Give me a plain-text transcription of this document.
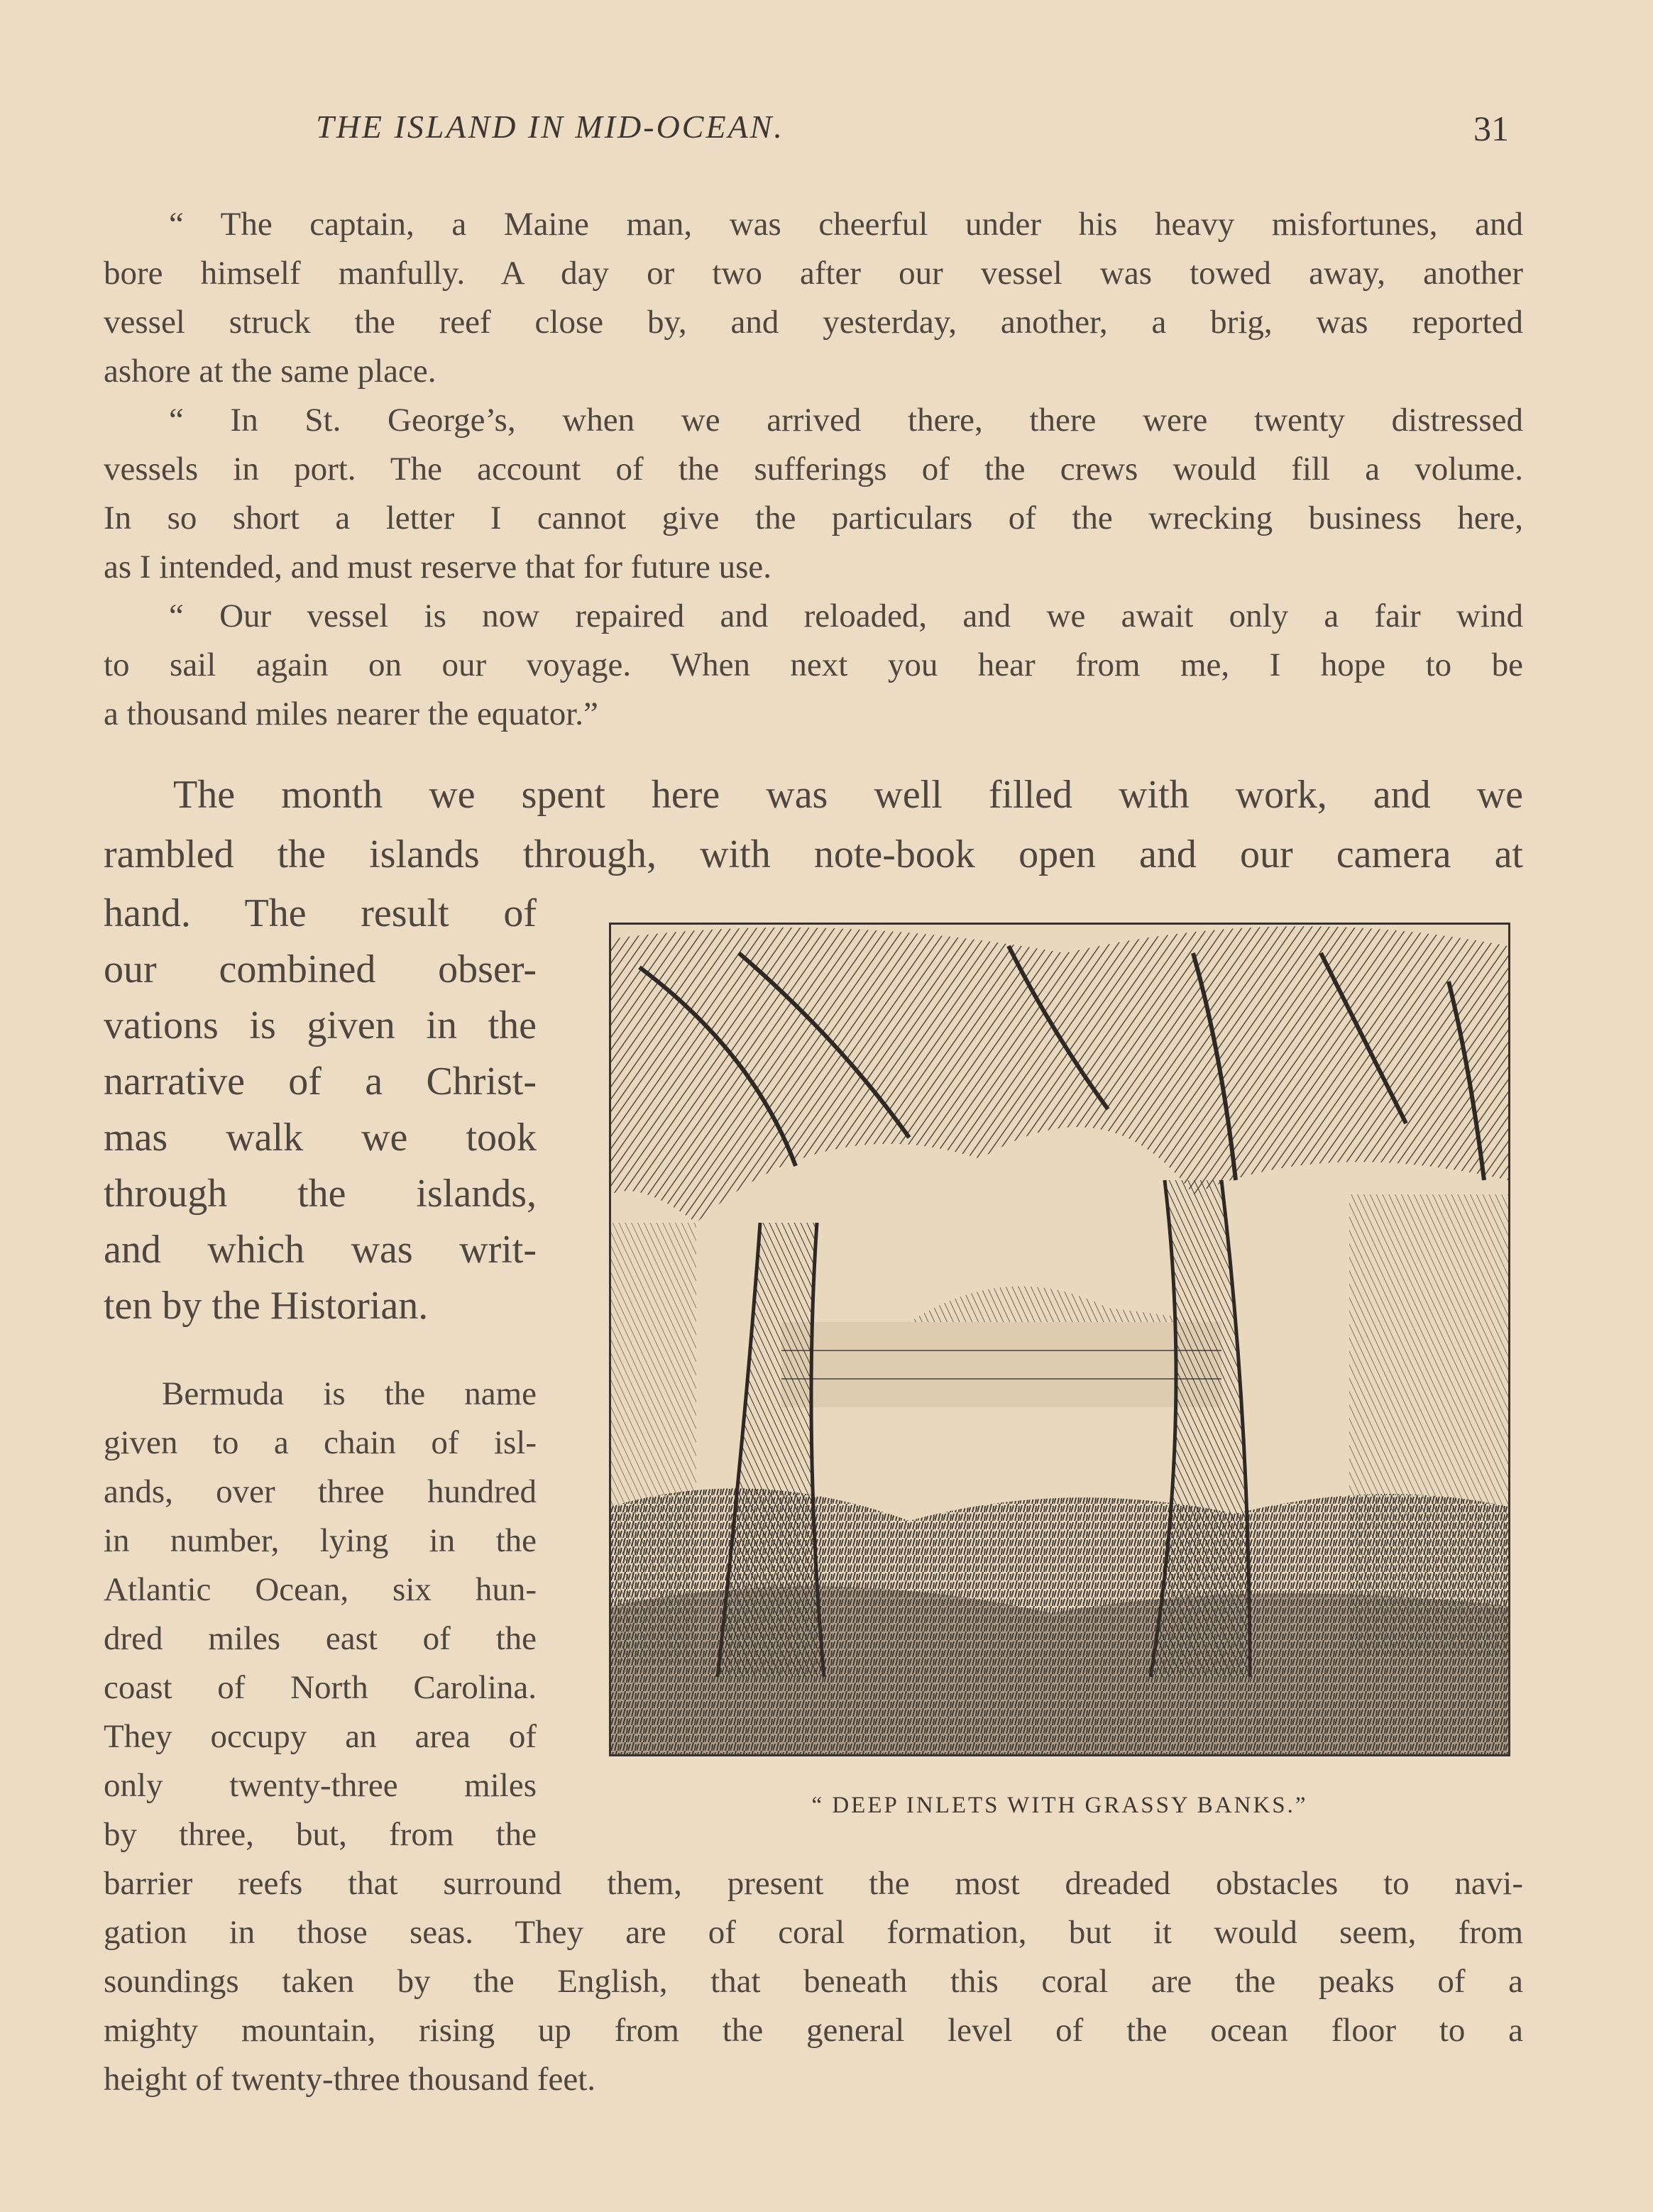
THE ISLAND IN MID-OCEAN.	31

“ The captain, a Maine man, was cheerful under his heavy misfortunes, and

bore himself manfully. A day or two after our vessel was towed away, another

vessel struck the reef close by, and yesterday, another, a brig, was reported

ashore at the same place.

“ In St. George’s, when we arrived there, there were twenty distressed

vessels in port. The account of the sufferings of the crews would fill a volume.

In so short a letter I cannot give the particulars of the wrecking business here,

as I intended, and must reserve that for future use.

“ Our vessel is now repaired and reloaded, and we await only a fair wind

to sail again on our voyage. When next you hear from me, I hope to be

a thousand miles nearer the equator.”

The month we spent here was well filled with work, and we

rambled the islands through, with note-book open and our camera at

hand. The result of

our combined obser-

vations is given in the

narrative of a Christ-

mas walk we took

through the islands,

and which was writ-

ten by the Historian.

Bermuda is the name

given to a chain of isl-

ands, over three hundred

in number, lying in the

Atlantic Ocean, six hun-

dred miles east of the

coast of North Carolina.

They occupy an area of

only twenty-three miles

by three, but, from the

barrier reefs that surround them, present the most dreaded obstacles to navi-

gation in those seas. They are of coral formation, but it would seem, from

soundings taken by the English, that beneath this coral are the peaks of a

mighty mountain, rising up from the general level of the ocean floor to a

height of twenty-three thousand feet.

“ DEEP INLETS WITH GRASSY BANKS.”
